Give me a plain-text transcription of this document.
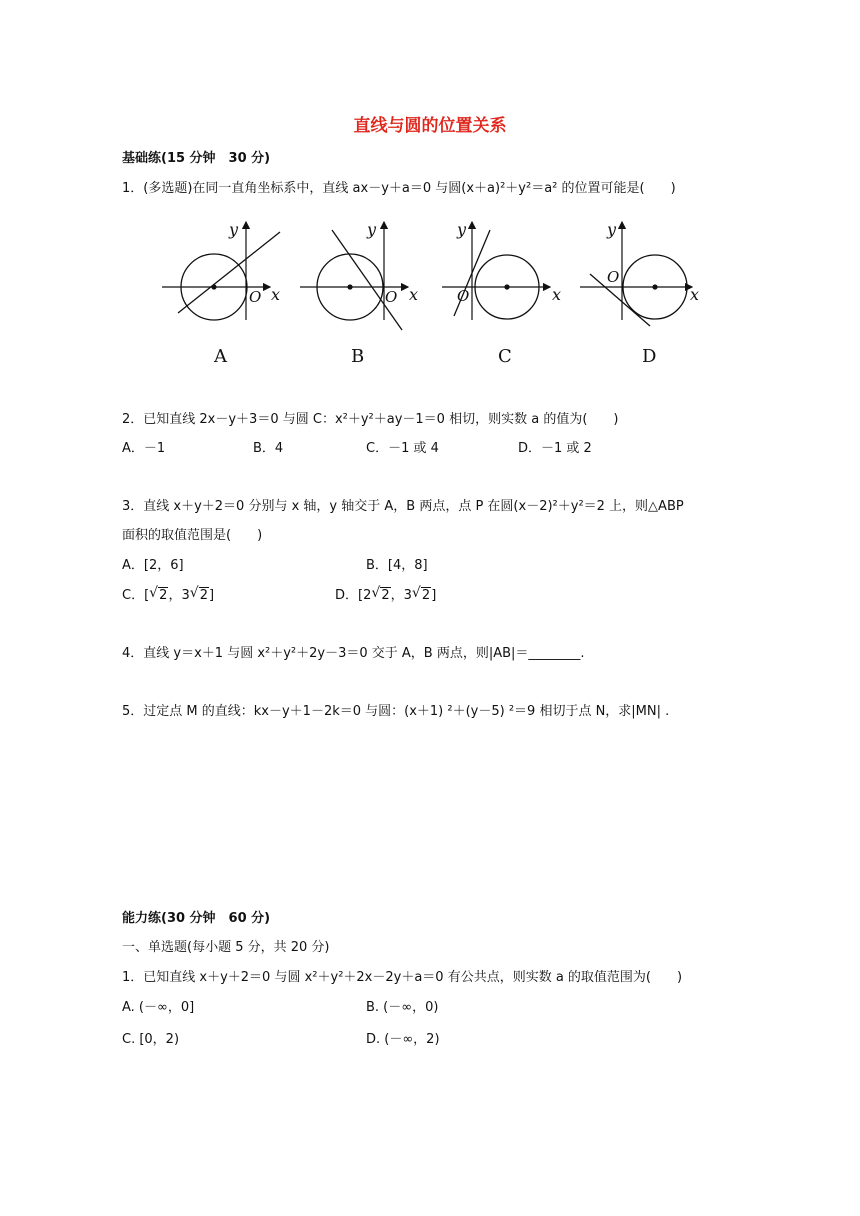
直线与圆的位置关系
基础练(15 分钟　30 分)
1．(多选题)在同一直角坐标系中，直线 ax－y＋a＝0 与圆(x＋a)²＋y²＝a² 的位置可能是(　　)
y
x
O
A
y
x
O
B
y
x
O
C
y
x
O
D
2．已知直线 2x－y＋3＝0 与圆 C：x²＋y²＋ay－1＝0 相切，则实数 a 的值为(　　)
A．－1	B．4	C．－1 或 4	D．－1 或 2
3．直线 x＋y＋2＝0 分别与 x 轴，y 轴交于 A，B 两点，点 P 在圆(x－2)²＋y²＝2 上，则△ABP
面积的取值范围是(　　)
A．[2，6]	B．[4，8]
C．[ √ 2，3 √ 2]	D．[2 √ 2，3 √ 2]
4．直线 y＝x＋1 与圆 x²＋y²＋2y－3＝0 交于 A，B 两点，则|AB|＝________.
5．过定点 M 的直线：kx－y＋1－2k＝0 与圆：(x＋1) ²＋(y－5) ²＝9 相切于点 N，求|MN| .
能力练(30 分钟　60 分)
一、单选题(每小题 5 分，共 20 分)
1．已知直线 x＋y＋2＝0 与圆 x²＋y²＋2x－2y＋a＝0 有公共点，则实数 a 的取值范围为(　　)
A. (－∞，0]	B. (－∞，0)
C. [0，2)	D. (－∞，2)
